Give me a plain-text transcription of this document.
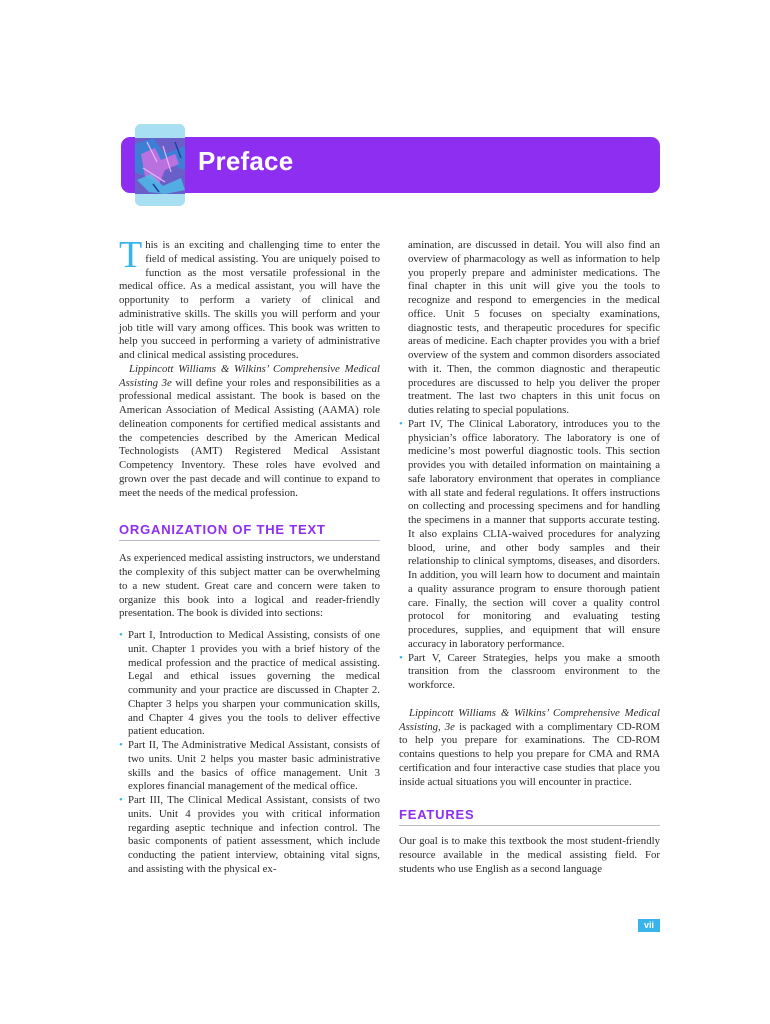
Preface

This is an exciting and challenging time to enter the field of medical assisting. You are uniquely poised to function as the most versatile professional in the medical office. As a medical assistant, you will have the opportunity to perform a variety of clinical and administrative skills. The skills you will perform and your job title will vary among offices. This book was written to help you succeed in performing a variety of administrative and clinical medical assisting procedures.

Lippincott Williams & Wilkins’ Comprehensive Medical Assisting 3e will define your roles and responsibilities as a professional medical assistant. The book is based on the American Association of Medical Assisting (AAMA) role delineation components for certified medical assistants and the competencies described by the American Medical Technologists (AMT) Registered Medical Assistant Competency Inventory. These roles have evolved and grown over the past decade and will continue to expand to meet the needs of the medical profession.

ORGANIZATION OF THE TEXT

As experienced medical assisting instructors, we understand the complexity of this subject matter can be overwhelming to a new student. Great care and concern were taken to organize this book into a logical and reader-friendly presentation. The book is divided into sections:

• Part I, Introduction to Medical Assisting, consists of one unit. Chapter 1 provides you with a brief history of the medical profession and the practice of medical assisting. Legal and ethical issues governing the medical community and your practice are discussed in Chapter 2. Chapter 3 helps you sharpen your communication skills, and Chapter 4 gives you the tools to deliver effective patient education.
• Part II, The Administrative Medical Assistant, consists of two units. Unit 2 helps you master basic administrative skills and the basics of office management. Unit 3 explores financial management of the medical office.
• Part III, The Clinical Medical Assistant, consists of two units. Unit 4 provides you with critical information regarding aseptic technique and infection control. The basic components of patient assessment, which include conducting the patient interview, obtaining vital signs, and assisting with the physical ex-
amination, are discussed in detail. You will also find an overview of pharmacology as well as information to help you properly prepare and administer medications. The final chapter in this unit will give you the tools to recognize and respond to emergencies in the medical office. Unit 5 focuses on specialty examinations, diagnostic tests, and therapeutic procedures for specific areas of medicine. Each chapter provides you with a brief overview of the system and common disorders associated with it. Then, the common diagnostic and therapeutic procedures are discussed to help you deliver the proper treatment. The last two chapters in this unit focus on duties relating to special populations.
• Part IV, The Clinical Laboratory, introduces you to the physician’s office laboratory. The laboratory is one of medicine’s most powerful diagnostic tools. This section provides you with detailed information on maintaining a safe laboratory environment that operates in compliance with all state and federal regulations. It offers instructions on collecting and processing specimens and for handling the specimens in a manner that supports accurate testing. It also explains CLIA-waived procedures for analyzing blood, urine, and other body samples and their relationship to clinical symptoms, diseases, and disorders. In addition, you will learn how to document and maintain a quality assurance program to ensure thorough patient care. Finally, the section will cover a quality control protocol for monitoring and evaluating testing procedures, supplies, and equipment that will ensure accuracy in laboratory performance.
• Part V, Career Strategies, helps you make a smooth transition from the classroom environment to the workforce.

Lippincott Williams & Wilkins’ Comprehensive Medical Assisting, 3e is packaged with a complimentary CD-ROM to help you prepare for examinations. The CD-ROM contains questions to help you prepare for CMA and RMA certification and four interactive case studies that place you inside actual situations you will encounter in practice.

FEATURES

Our goal is to make this textbook the most student-friendly resource available in the medical assisting field. For students who use English as a second language

vii
